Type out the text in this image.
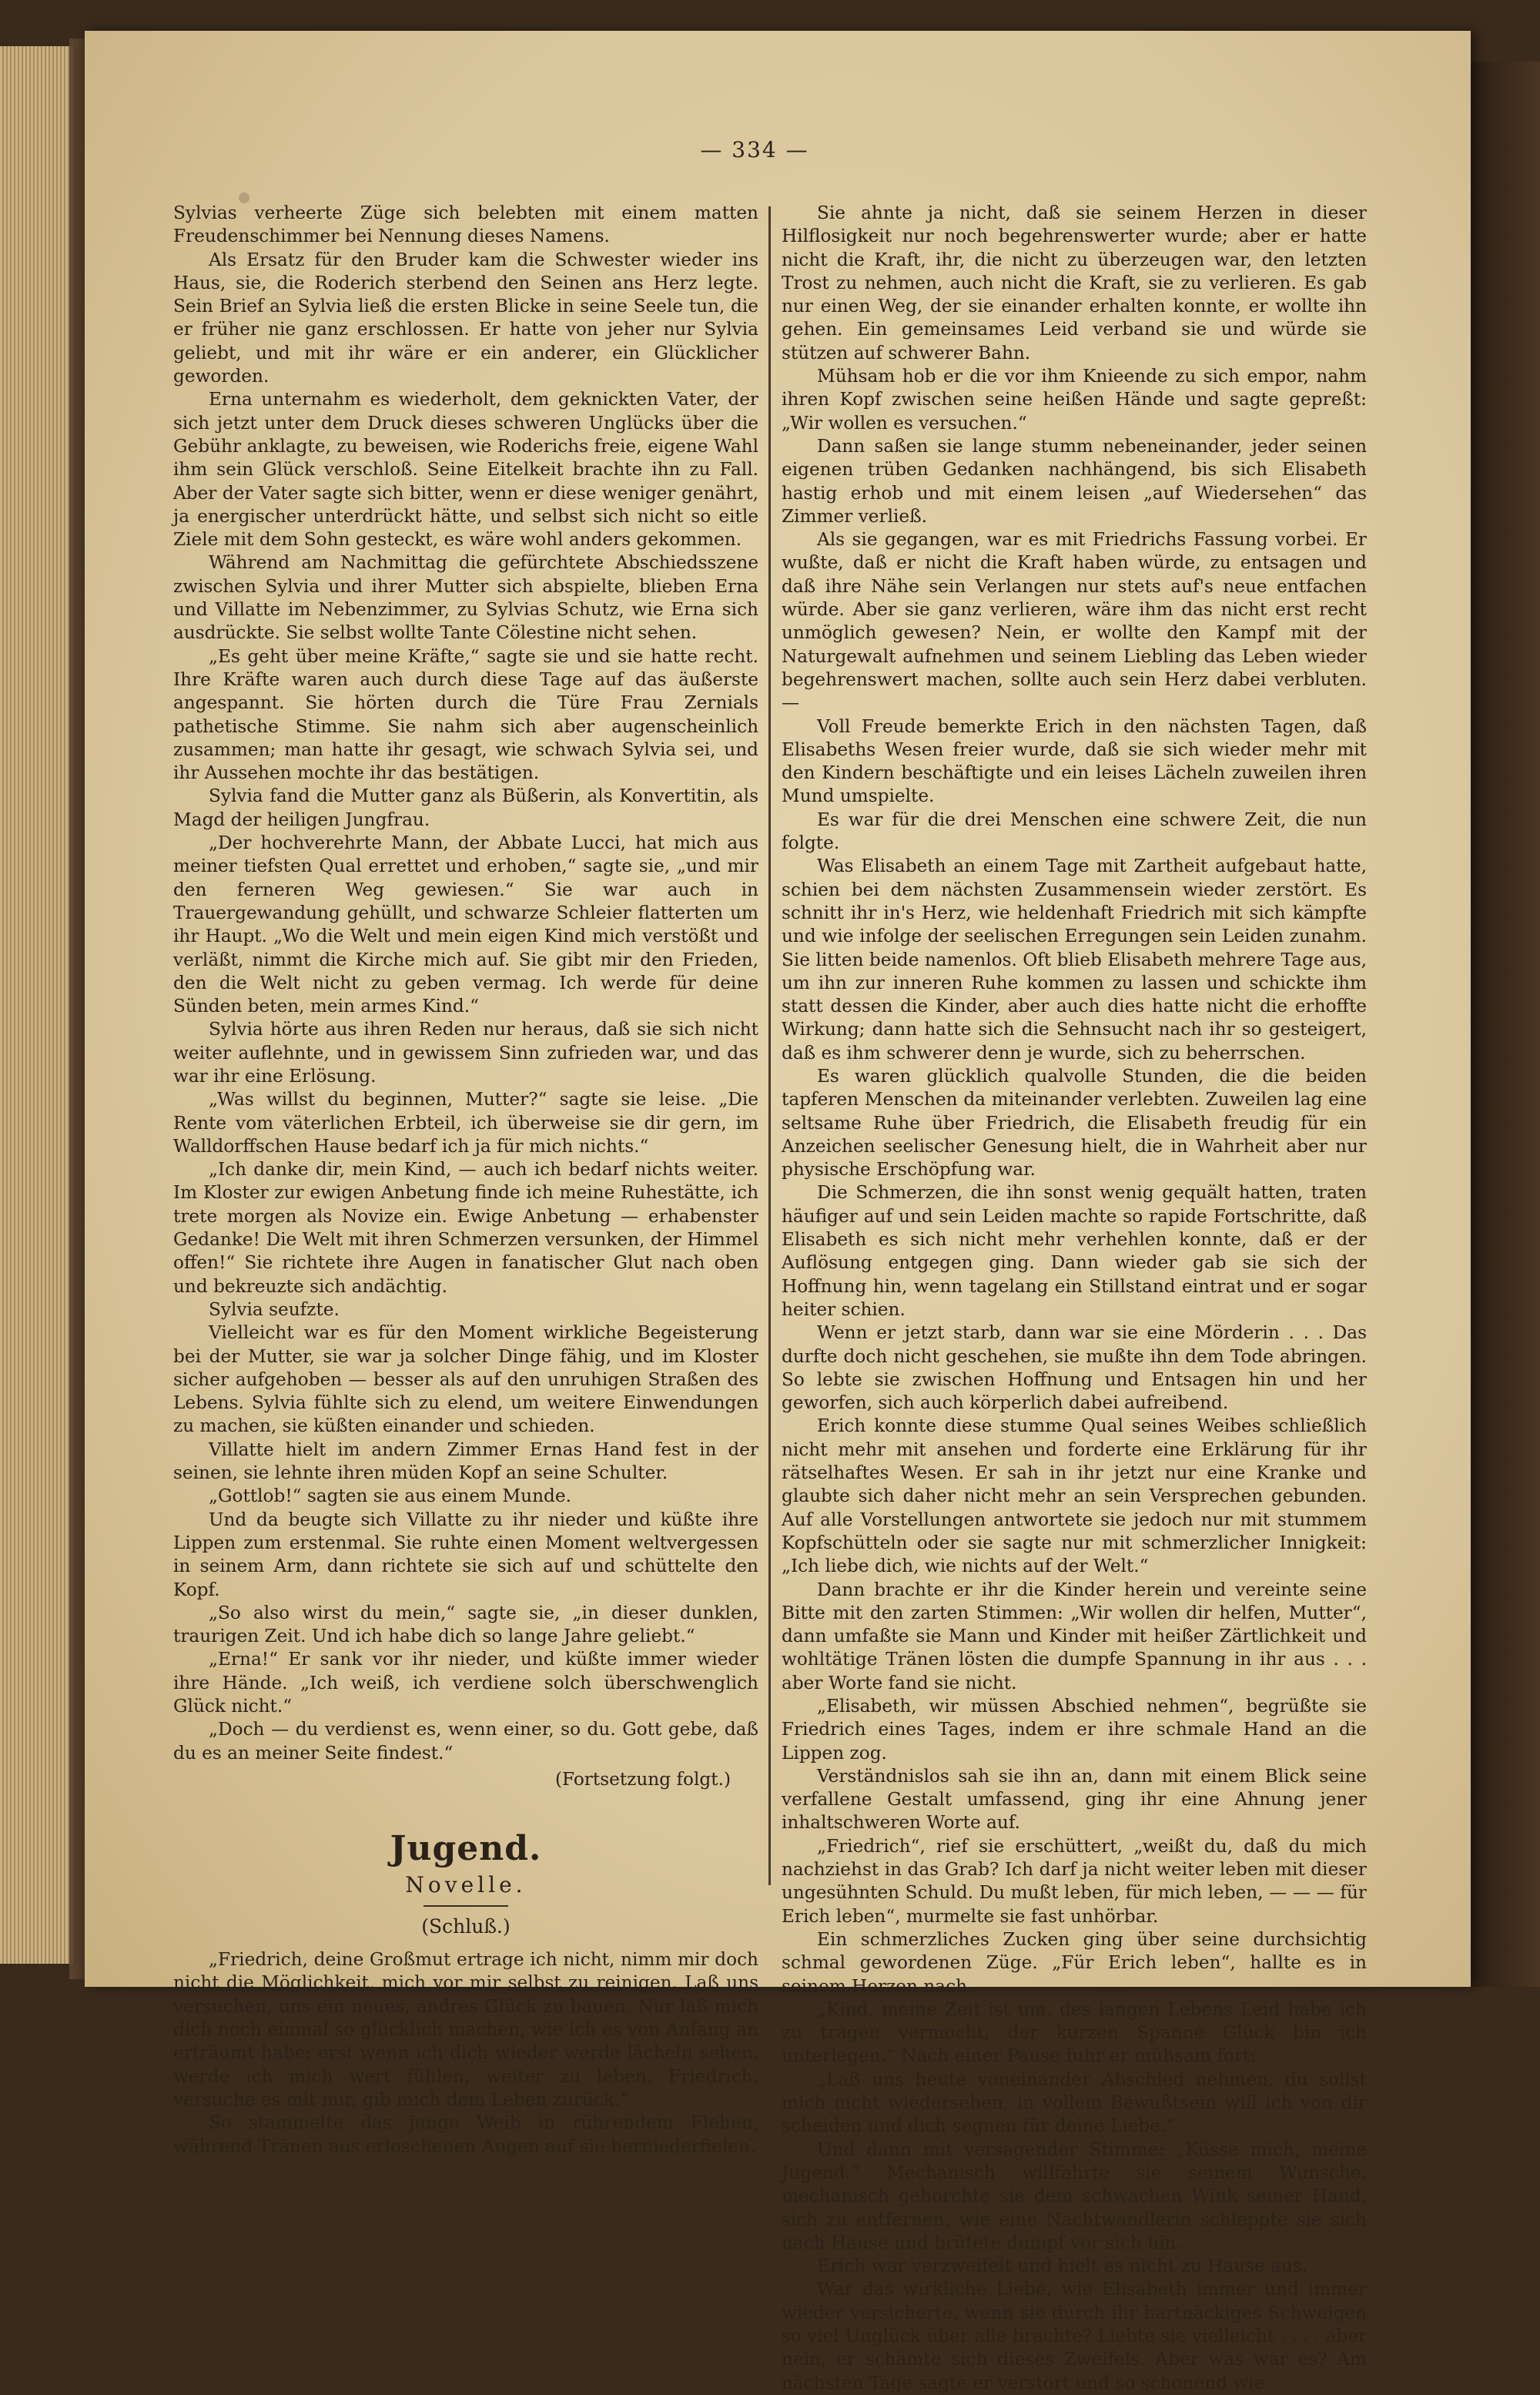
— 334 —

Sylvias verheerte Züge sich belebten mit einem matten Freudenschimmer bei Nennung dieses Namens.

Als Ersatz für den Bruder kam die Schwester wieder ins Haus, sie, die Roderich sterbend den Seinen ans Herz legte. Sein Brief an Sylvia ließ die ersten Blicke in seine Seele tun, die er früher nie ganz erschlossen. Er hatte von jeher nur Sylvia geliebt, und mit ihr wäre er ein anderer, ein Glücklicher geworden.

Erna unternahm es wiederholt, dem geknickten Vater, der sich jetzt unter dem Druck dieses schweren Unglücks über die Gebühr anklagte, zu beweisen, wie Roderichs freie, eigene Wahl ihm sein Glück verschloß. Seine Eitelkeit brachte ihn zu Fall. Aber der Vater sagte sich bitter, wenn er diese weniger genährt, ja energischer unterdrückt hätte, und selbst sich nicht so eitle Ziele mit dem Sohn gesteckt, es wäre wohl anders gekommen.

Während am Nachmittag die gefürchtete Abschiedsszene zwischen Sylvia und ihrer Mutter sich abspielte, blieben Erna und Villatte im Nebenzimmer, zu Sylvias Schutz, wie Erna sich ausdrückte. Sie selbst wollte Tante Cölestine nicht sehen.

„Es geht über meine Kräfte,“ sagte sie und sie hatte recht. Ihre Kräfte waren auch durch diese Tage auf das äußerste angespannt. Sie hörten durch die Türe Frau Zernials pathetische Stimme. Sie nahm sich aber augenscheinlich zusammen; man hatte ihr gesagt, wie schwach Sylvia sei, und ihr Aussehen mochte ihr das bestätigen.

Sylvia fand die Mutter ganz als Büßerin, als Konvertitin, als Magd der heiligen Jungfrau.

„Der hochverehrte Mann, der Abbate Lucci, hat mich aus meiner tiefsten Qual errettet und erhoben,“ sagte sie, „und mir den ferneren Weg gewiesen.“ Sie war auch in Trauergewandung gehüllt, und schwarze Schleier flatterten um ihr Haupt. „Wo die Welt und mein eigen Kind mich verstößt und verläßt, nimmt die Kirche mich auf. Sie gibt mir den Frieden, den die Welt nicht zu geben vermag. Ich werde für deine Sünden beten, mein armes Kind.“

Sylvia hörte aus ihren Reden nur heraus, daß sie sich nicht weiter auflehnte, und in gewissem Sinn zufrieden war, und das war ihr eine Erlösung.

„Was willst du beginnen, Mutter?“ sagte sie leise. „Die Rente vom väterlichen Erbteil, ich überweise sie dir gern, im Walldorffschen Hause bedarf ich ja für mich nichts.“

„Ich danke dir, mein Kind, — auch ich bedarf nichts weiter. Im Kloster zur ewigen Anbetung finde ich meine Ruhestätte, ich trete morgen als Novize ein. Ewige Anbetung — erhabenster Gedanke! Die Welt mit ihren Schmerzen versunken, der Himmel offen!“ Sie richtete ihre Augen in fanatischer Glut nach oben und bekreuzte sich andächtig.

Sylvia seufzte.

Vielleicht war es für den Moment wirkliche Begeisterung bei der Mutter, sie war ja solcher Dinge fähig, und im Kloster sicher aufgehoben — besser als auf den unruhigen Straßen des Lebens. Sylvia fühlte sich zu elend, um weitere Einwendungen zu machen, sie küßten einander und schieden.

Villatte hielt im andern Zimmer Ernas Hand fest in der seinen, sie lehnte ihren müden Kopf an seine Schulter.

„Gottlob!“ sagten sie aus einem Munde.

Und da beugte sich Villatte zu ihr nieder und küßte ihre Lippen zum erstenmal. Sie ruhte einen Moment weltvergessen in seinem Arm, dann richtete sie sich auf und schüttelte den Kopf.

„So also wirst du mein,“ sagte sie, „in dieser dunklen, traurigen Zeit. Und ich habe dich so lange Jahre geliebt.“

„Erna!“ Er sank vor ihr nieder, und küßte immer wieder ihre Hände. „Ich weiß, ich verdiene solch überschwenglich Glück nicht.“

„Doch — du verdienst es, wenn einer, so du. Gott gebe, daß du es an meiner Seite findest.“

(Fortsetzung folgt.)

Jugend.
Novelle.
(Schluß.)

„Friedrich, deine Großmut ertrage ich nicht, nimm mir doch nicht die Möglichkeit, mich vor mir selbst zu reinigen. Laß uns versuchen, uns ein neues, andres Glück zu bauen. Nur laß mich dich noch einmal so glücklich machen, wie ich es von Anfang an erträumt habe; erst wenn ich dich wieder werde lächeln sehen, werde ich mich wert fühlen, weiter zu leben. Friedrich, versuche es mit mir, gib mich dem Leben zurück.“

So stammelte das junge Weib in rührendem Flehen, während Tränen aus erloschenen Augen auf sie herniederfielen.

Sie ahnte ja nicht, daß sie seinem Herzen in dieser Hilflosigkeit nur noch begehrenswerter wurde; aber er hatte nicht die Kraft, ihr, die nicht zu überzeugen war, den letzten Trost zu nehmen, auch nicht die Kraft, sie zu verlieren. Es gab nur einen Weg, der sie einander erhalten konnte, er wollte ihn gehen. Ein gemeinsames Leid verband sie und würde sie stützen auf schwerer Bahn.

Mühsam hob er die vor ihm Knieende zu sich empor, nahm ihren Kopf zwischen seine heißen Hände und sagte gepreßt: „Wir wollen es versuchen.“

Dann saßen sie lange stumm nebeneinander, jeder seinen eigenen trüben Gedanken nachhängend, bis sich Elisabeth hastig erhob und mit einem leisen „auf Wiedersehen“ das Zimmer verließ.

Als sie gegangen, war es mit Friedrichs Fassung vorbei. Er wußte, daß er nicht die Kraft haben würde, zu entsagen und daß ihre Nähe sein Verlangen nur stets auf's neue entfachen würde. Aber sie ganz verlieren, wäre ihm das nicht erst recht unmöglich gewesen? Nein, er wollte den Kampf mit der Naturgewalt aufnehmen und seinem Liebling das Leben wieder begehrenswert machen, sollte auch sein Herz dabei verbluten. —

Voll Freude bemerkte Erich in den nächsten Tagen, daß Elisabeths Wesen freier wurde, daß sie sich wieder mehr mit den Kindern beschäftigte und ein leises Lächeln zuweilen ihren Mund umspielte.

Es war für die drei Menschen eine schwere Zeit, die nun folgte.

Was Elisabeth an einem Tage mit Zartheit aufgebaut hatte, schien bei dem nächsten Zusammensein wieder zerstört. Es schnitt ihr in's Herz, wie heldenhaft Friedrich mit sich kämpfte und wie infolge der seelischen Erregungen sein Leiden zunahm. Sie litten beide namenlos. Oft blieb Elisabeth mehrere Tage aus, um ihn zur inneren Ruhe kommen zu lassen und schickte ihm statt dessen die Kinder, aber auch dies hatte nicht die erhoffte Wirkung; dann hatte sich die Sehnsucht nach ihr so gesteigert, daß es ihm schwerer denn je wurde, sich zu beherrschen.

Es waren glücklich qualvolle Stunden, die die beiden tapferen Menschen da miteinander verlebten. Zuweilen lag eine seltsame Ruhe über Friedrich, die Elisabeth freudig für ein Anzeichen seelischer Genesung hielt, die in Wahrheit aber nur physische Erschöpfung war.

Die Schmerzen, die ihn sonst wenig gequält hatten, traten häufiger auf und sein Leiden machte so rapide Fortschritte, daß Elisabeth es sich nicht mehr verhehlen konnte, daß er der Auflösung entgegen ging. Dann wieder gab sie sich der Hoffnung hin, wenn tagelang ein Stillstand eintrat und er sogar heiter schien.

Wenn er jetzt starb, dann war sie eine Mörderin . . . Das durfte doch nicht geschehen, sie mußte ihn dem Tode abringen. So lebte sie zwischen Hoffnung und Entsagen hin und her geworfen, sich auch körperlich dabei aufreibend.

Erich konnte diese stumme Qual seines Weibes schließlich nicht mehr mit ansehen und forderte eine Erklärung für ihr rätselhaftes Wesen. Er sah in ihr jetzt nur eine Kranke und glaubte sich daher nicht mehr an sein Versprechen gebunden. Auf alle Vorstellungen antwortete sie jedoch nur mit stummem Kopfschütteln oder sie sagte nur mit schmerzlicher Innigkeit: „Ich liebe dich, wie nichts auf der Welt.“

Dann brachte er ihr die Kinder herein und vereinte seine Bitte mit den zarten Stimmen: „Wir wollen dir helfen, Mutter“, dann umfaßte sie Mann und Kinder mit heißer Zärtlichkeit und wohltätige Tränen lösten die dumpfe Spannung in ihr aus . . . aber Worte fand sie nicht.

„Elisabeth, wir müssen Abschied nehmen“, begrüßte sie Friedrich eines Tages, indem er ihre schmale Hand an die Lippen zog.

Verständnislos sah sie ihn an, dann mit einem Blick seine verfallene Gestalt umfassend, ging ihr eine Ahnung jener inhaltschweren Worte auf.

„Friedrich“, rief sie erschüttert, „weißt du, daß du mich nachziehst in das Grab? Ich darf ja nicht weiter leben mit dieser ungesühnten Schuld. Du mußt leben, für mich leben, — — — für Erich leben“, murmelte sie fast unhörbar.

Ein schmerzliches Zucken ging über seine durchsichtig schmal gewordenen Züge. „Für Erich leben“, hallte es in seinem Herzen nach.

„Kind, meine Zeit ist um, des langen Lebens Leid habe ich zu tragen vermocht, der kurzen Spanne Glück bin ich unterlegen.“ Nach einer Pause fuhr er mühsam fort:

„Laß uns heute voneinander Abschied nehmen, du sollst mich nicht wiedersehen, in vollem Bewußtsein will ich von dir scheiden und dich segnen für deine Liebe.“

Und dann mit versagender Stimme: „Küsse mich, meine Jugend.“ Mechanisch willfahrte sie seinem Wunsche, mechanisch gehorchte sie dem schwachen Wink seiner Hand, sich zu entfernen, wie eine Nachtwandlerin schleppte sie sich nach Hause und brütete dumpf vor sich hin.

Erich war verzweifelt und hielt es nicht zu Hause aus.

War das wirkliche Liebe, wie Elisabeth immer und immer wieder versicherte, wenn sie durch ihr hartnäckiges Schweigen so viel Unglück über alle brachte? Liebte sie vielleicht . . . . aber nein, er schämte sich dieses Zweifels. Aber was war es? Am nächsten Tage sagte er verstört und so schonend wie
